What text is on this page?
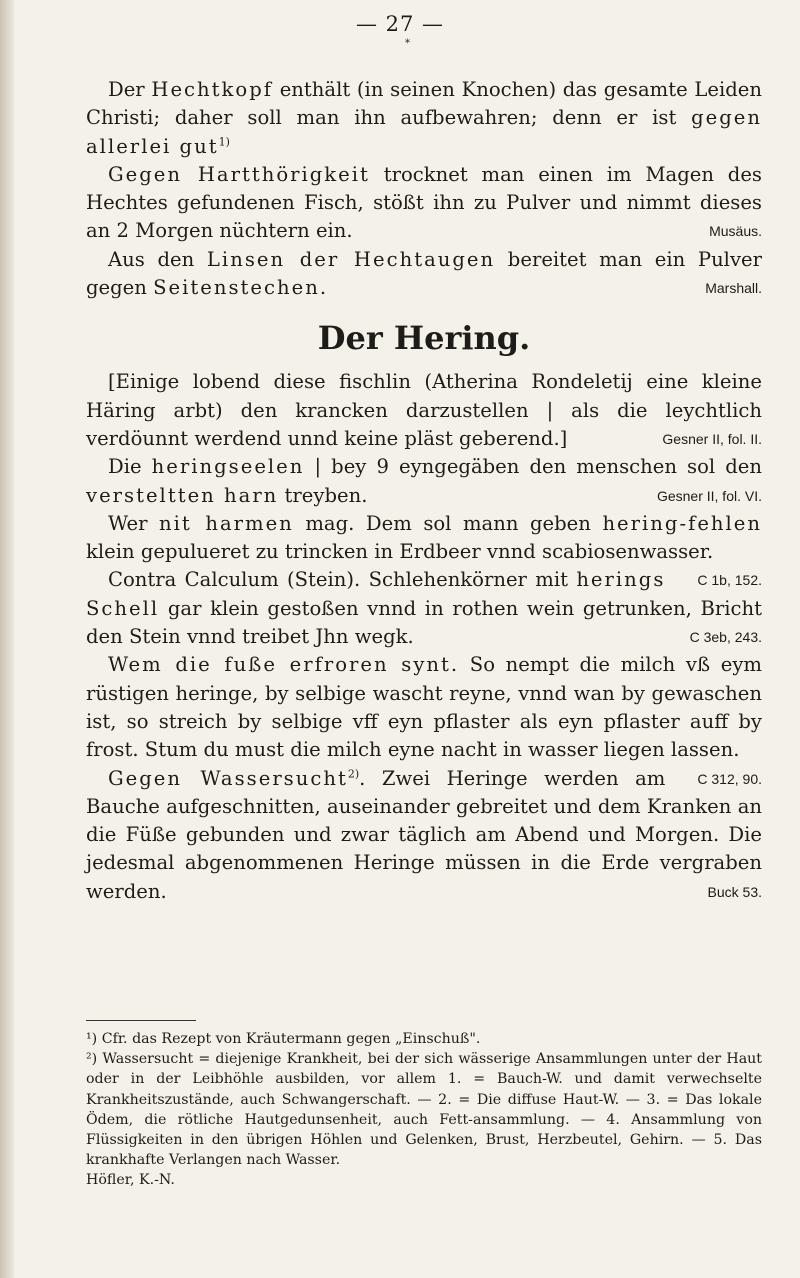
— 27 —
*

Der Hechtkopf enthält (in seinen Knochen) das gesamte Leiden Christi; daher soll man ihn aufbewahren; denn er ist gegen allerlei gut$^{1)}$

Gegen Hartthörigkeit trocknet man einen im Magen des Hechtes gefundenen Fisch, stößt ihn zu Pulver und nimmt dieses an 2 Morgen nüchtern ein.	Musäus.

Aus den Linsen der Hechtaugen bereitet man ein Pulver gegen Seitenstechen.	Marshall.

Der Hering.

[Einige lobend diese fischlin (Atherina Rondeletij eine kleine Häring arbt) den krancken darzustellen | als die leychtlich verdöunnt werdend unnd keine pläst geberend.]	Gesner II, fol. II.

Die heringseelen | bey 9 eyngegäben den menschen sol den versteltten harn treyben.	Gesner II, fol. VI.

Wer nit harmen mag. Dem sol mann geben hering-fehlen klein gepulueret zu trincken in Erdbeer vnnd scabiosenwasser.
C 1b, 152.

Contra Calculum (Stein). Schlehenkörner mit herings Schell gar klein gestoßen vnnd in rothen wein getrunken, Bricht den Stein vnnd treibet Jhn wegk.	C 3eb, 243.

Wem die fuße erfroren synt. So nempt die milch vß eym rüstigen heringe, by selbige wascht reyne, vnnd wan by gewaschen ist, so streich by selbige vff eyn pflaster als eyn pflaster auff by frost. Stum du must die milch eyne nacht in wasser liegen lassen.
C 312, 90.

Gegen Wassersucht$^{2)}$. Zwei Heringe werden am Bauche aufgeschnitten, auseinander gebreitet und dem Kranken an die Füße gebunden und zwar täglich am Abend und Morgen. Die jedesmal abgenommenen Heringe müssen in die Erde vergraben werden.	Buck 53.

¹) Cfr. das Rezept von Kräutermann gegen „Einschuß".

²) Wassersucht = diejenige Krankheit, bei der sich wässerige Ansammlungen unter der Haut oder in der Leibhöhle ausbilden, vor allem 1. = Bauch-W. und damit verwechselte Krankheitszustände, auch Schwangerschaft. — 2. = Die diffuse Haut-W. — 3. = Das lokale Ödem, die rötliche Hautgedunsenheit, auch Fett-ansammlung. — 4. Ansammlung von Flüssigkeiten in den übrigen Höhlen und Gelenken, Brust, Herzbeutel, Gehirn. — 5. Das krankhafte Verlangen nach Wasser.

Höfler, K.-N.
